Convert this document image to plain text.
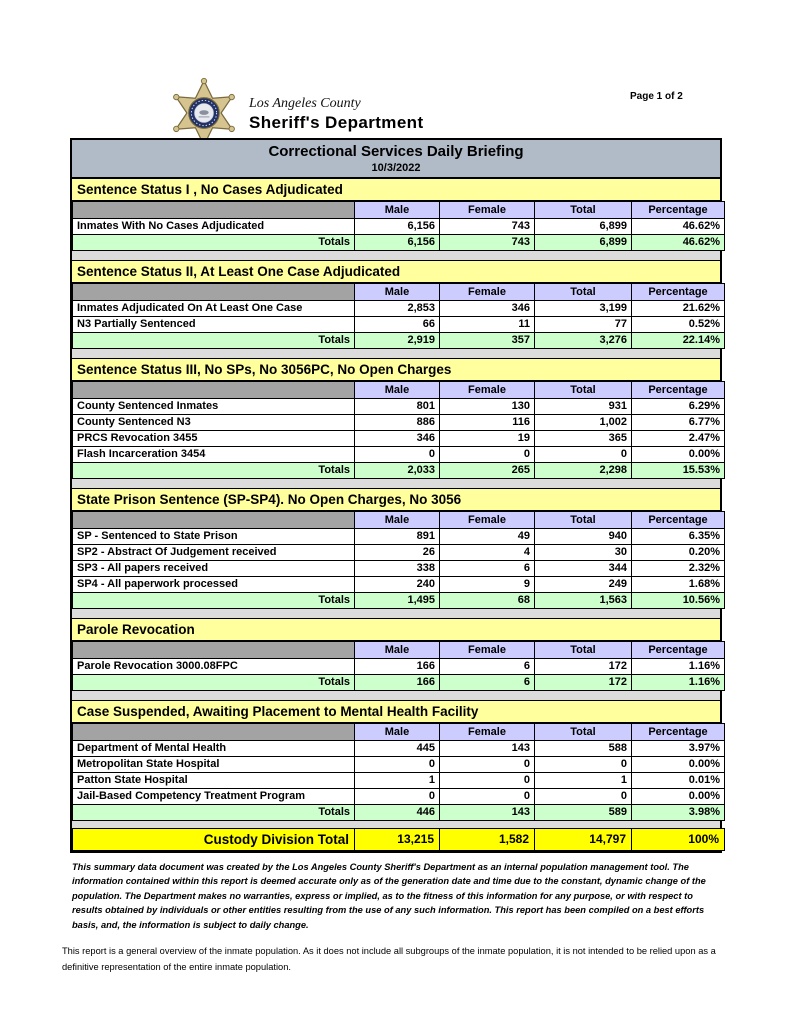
Los Angeles County
Sheriff's Department
Page 1 of 2
Correctional Services Daily Briefing
10/3/2022
Sentence Status I , No Cases Adjudicated
	Male	Female	Total	Percentage
Inmates With No Cases Adjudicated	6,156	743	6,899	46.62%
Totals	6,156	743	6,899	46.62%
Sentence Status II, At Least One Case Adjudicated
	Male	Female	Total	Percentage
Inmates Adjudicated On At Least One Case	2,853	346	3,199	21.62%
N3 Partially Sentenced	66	11	77	0.52%
Totals	2,919	357	3,276	22.14%
Sentence Status III, No SPs, No 3056PC, No Open Charges
	Male	Female	Total	Percentage
County Sentenced Inmates	801	130	931	6.29%
County Sentenced N3	886	116	1,002	6.77%
PRCS Revocation 3455	346	19	365	2.47%
Flash Incarceration 3454	0	0	0	0.00%
Totals	2,033	265	2,298	15.53%
State Prison Sentence (SP-SP4). No Open Charges, No 3056
	Male	Female	Total	Percentage
SP - Sentenced to State Prison	891	49	940	6.35%
SP2 - Abstract Of Judgement received	26	4	30	0.20%
SP3 - All papers received	338	6	344	2.32%
SP4 - All paperwork processed	240	9	249	1.68%
Totals	1,495	68	1,563	10.56%
Parole Revocation
	Male	Female	Total	Percentage
Parole Revocation 3000.08FPC	166	6	172	1.16%
Totals	166	6	172	1.16%
Case Suspended, Awaiting Placement to Mental Health Facility
	Male	Female	Total	Percentage
Department of Mental Health	445	143	588	3.97%
Metropolitan State Hospital	0	0	0	0.00%
Patton State Hospital	1	0	1	0.01%
Jail-Based Competency Treatment Program	0	0	0	0.00%
Totals	446	143	589	3.98%
Custody Division Total	13,215	1,582	14,797	100%

This summary data document was created by the Los Angeles County Sheriff's Department as an internal population management tool. The information contained within this report is deemed accurate only as of the generation date and time due to the constant, dynamic change of the population. The Department makes no warranties, express or implied, as to the fitness of this information for any purpose, or with respect to results obtained by individuals or other entities resulting from the use of any such information. This report has been compiled on a best efforts basis, and, the information is subject to daily change.

This report is a general overview of the inmate population. As it does not include all subgroups of the inmate population, it is not intended to be relied upon as a definitive representation of the entire inmate population.
